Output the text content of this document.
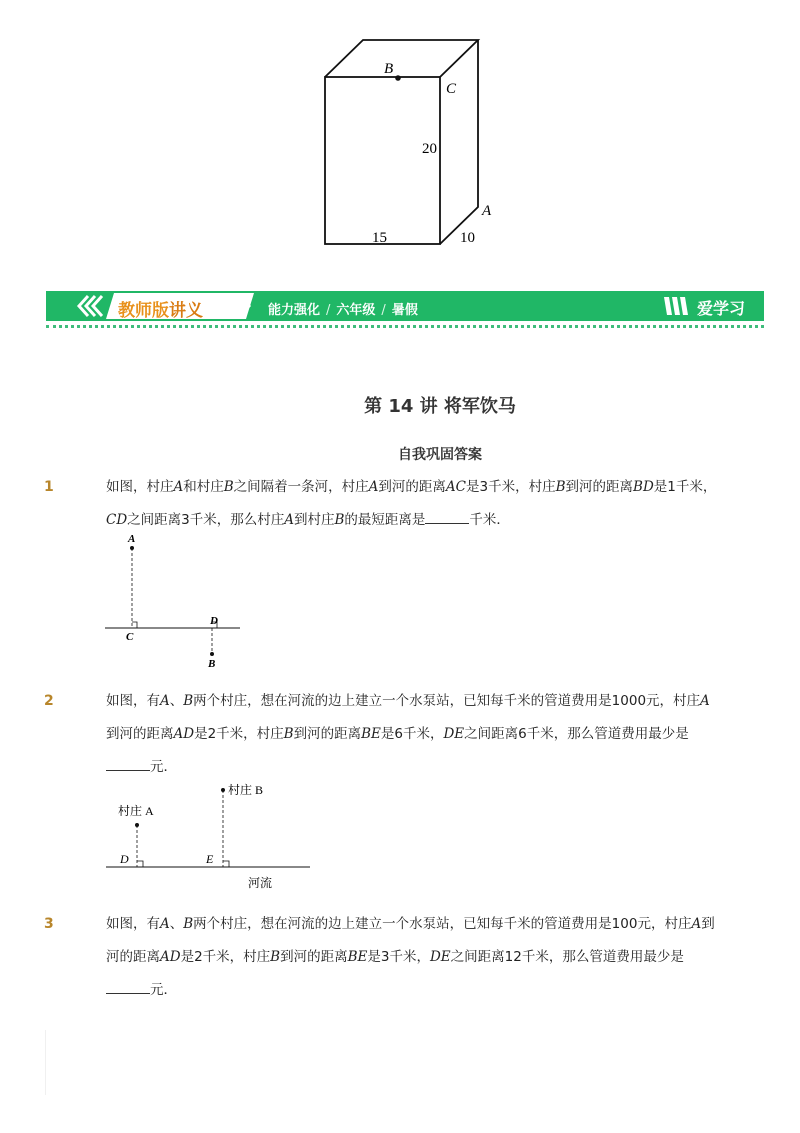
B
C
A
20
15	10
教师版讲义	能力强化 / 六年级 / 暑假	爱学习
第 14 讲 将军饮马
自我巩固答案
1	如图，村庄A和村庄B之间隔着一条河，村庄A到河的距离AC是3千米，村庄B到河的距离BD是1千米，CD之间距离3千米，那么村庄A到村庄B的最短距离是	千米．
A
C
D
B
2	如图，有A、B两个村庄，想在河流的边上建立一个水泵站，已知每千米的管道费用是1000元，村庄A到河的距离AD是2千米，村庄B到河的距离BE是6千米，DE之间距离6千米，那么管道费用最少是元．
村庄 A
村庄 B
D	E
河流
3	如图，有A、B两个村庄，想在河流的边上建立一个水泵站，已知每千米的管道费用是100元，村庄A到河的距离AD是2千米，村庄B到河的距离BE是3千米，DE之间距离12千米，那么管道费用最少是元．
